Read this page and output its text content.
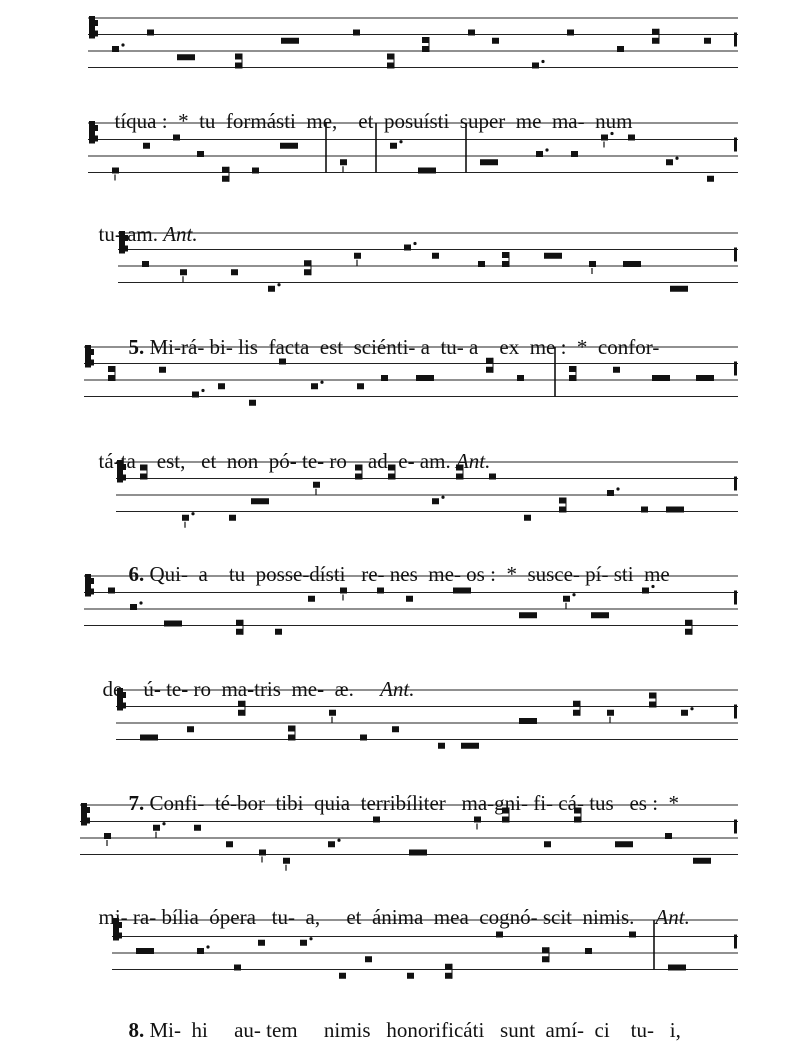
tíqua :  *  tu  formásti  me,    et  posuísti  super  me  ma-  num

tu- am. Ant.

5. Mi-rá- bi- lis  facta  est  sciénti- a  tu- a    ex  me :  *  confor-

tá-ta    est,   et  non  pó- te- ro    ad  e- am. Ant.

6. Qui-  a    tu  posse-dísti   re- nes  me- os :  *  susce- pí- sti  me

de    ú- te- ro  ma-tris  me-  æ.     Ant.

7. Confi-  té-bor  tibi  quia  terribíliter   ma-gni- fi- cá- tus   es :  *

mi- ra- bília  ópera   tu-  a,     et  ánima  mea  cognó- scit  nimis.    Ant.

8. Mi-  hi     au- tem     nimis   honorificáti   sunt  amí-  ci    tu-   i,
